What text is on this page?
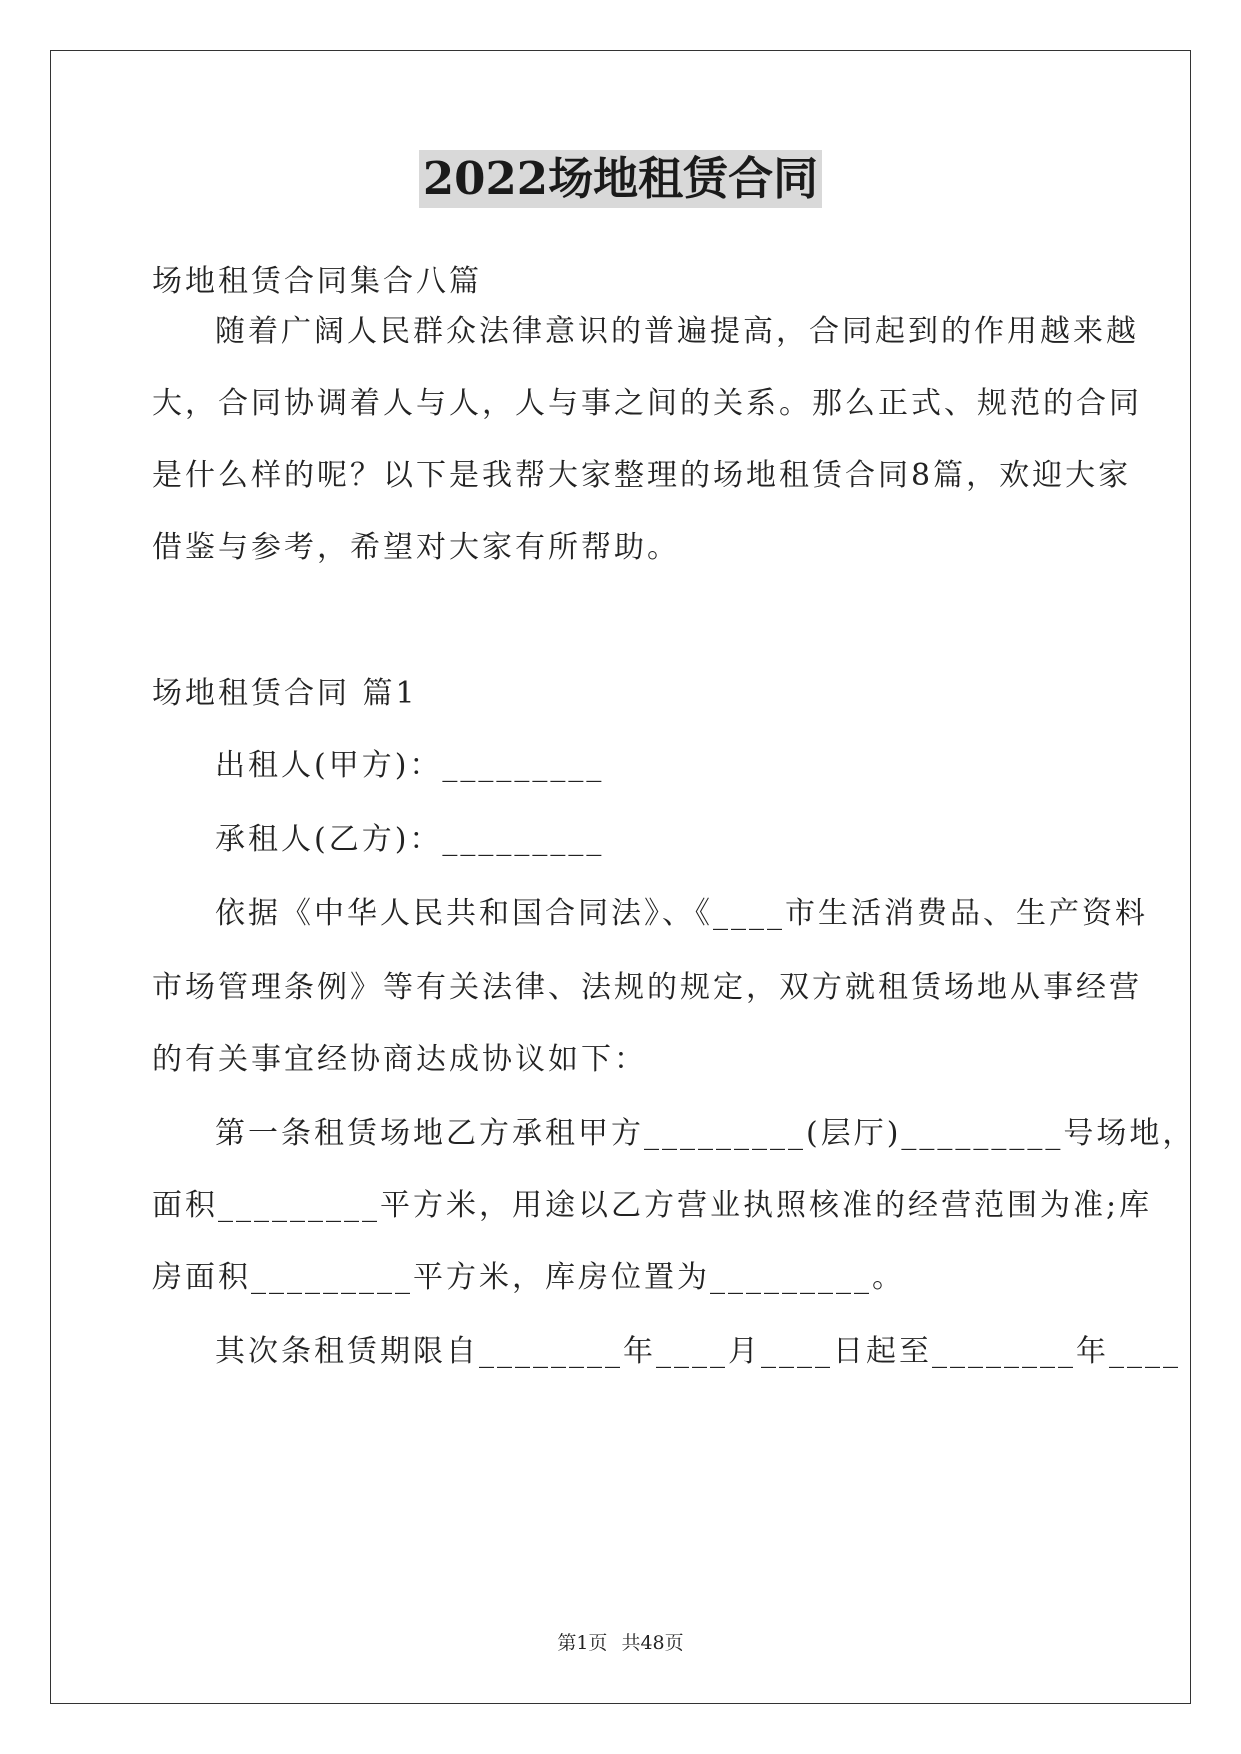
2022场地租赁合同
场地租赁合同集合八篇
随着广阔人民群众法律意识的普遍提高，合同起到的作用越来越
大，合同协调着人与人，人与事之间的关系。那么正式、规范的合同
是什么样的呢？以下是我帮大家整理的场地租赁合同8篇，欢迎大家
借鉴与参考，希望对大家有所帮助。
场地租赁合同 篇1
出租人(甲方)：_________
承租人(乙方)：_________
依据《中华人民共和国合同法》、《____市生活消费品、生产资料
市场管理条例》等有关法律、法规的规定，双方就租赁场地从事经营
的有关事宜经协商达成协议如下：
第一条租赁场地乙方承租甲方_________(层厅)_________号场地，
面积_________平方米，用途以乙方营业执照核准的经营范围为准;库
房面积_________平方米，库房位置为_________。
其次条租赁期限自________年____月____日起至________年____
第1页 共48页
